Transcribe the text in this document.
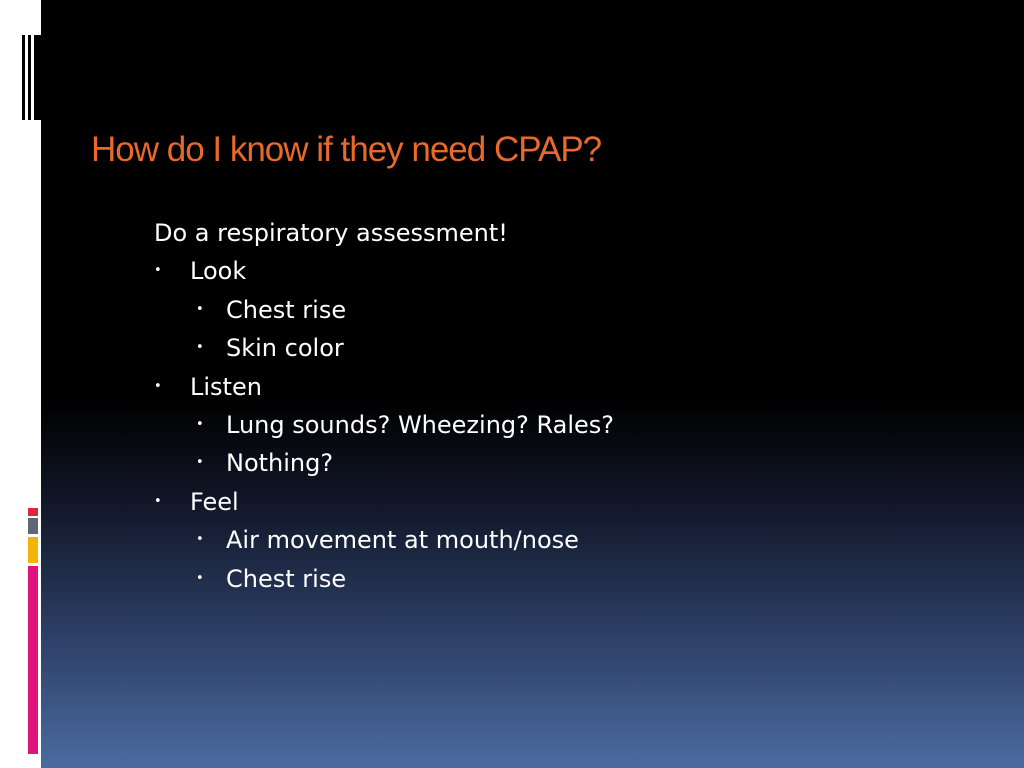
How do I know if they need CPAP?
Do a respiratory assessment!
• Look
• Chest rise
• Skin color
• Listen
• Lung sounds? Wheezing? Rales?
• Nothing?
• Feel
• Air movement at mouth/nose
• Chest rise
